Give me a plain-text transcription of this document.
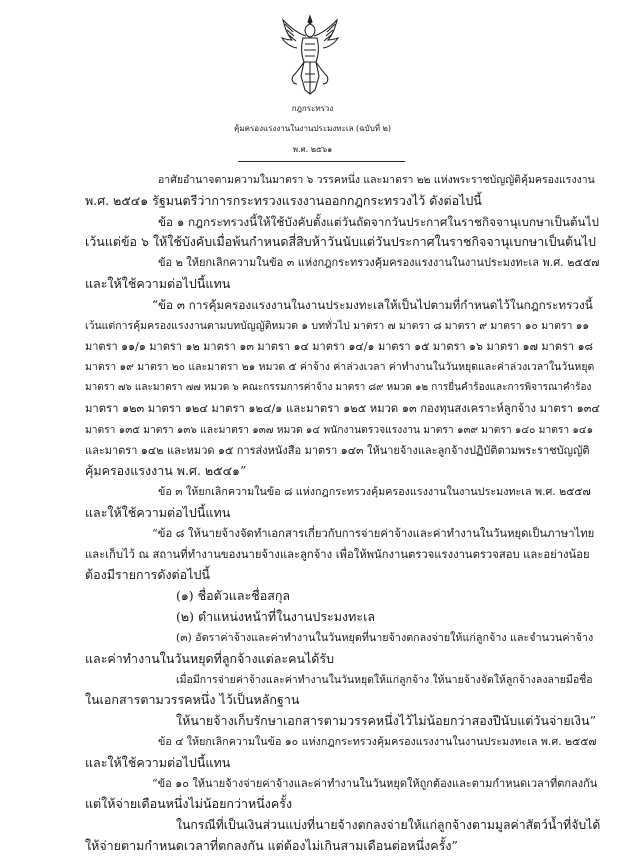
กฎกระทรวง
คุ้มครองแรงงานในงานประมงทะเล (ฉบับที่ ๒)
พ.ศ. ๒๕๖๑
อาศัยอำนาจตามความในมาตรา ๖ วรรคหนึ่ง และมาตรา ๒๒ แห่งพระราชบัญญัติคุ้มครองแรงงาน
พ.ศ. ๒๕๔๑ รัฐมนตรีว่าการกระทรวงแรงงานออกกฎกระทรวงไว้ ดังต่อไปนี้
ข้อ ๑ กฎกระทรวงนี้ให้ใช้บังคับตั้งแต่วันถัดจากวันประกาศในราชกิจจานุเบกษาเป็นต้นไป
เว้นแต่ข้อ ๖ ให้ใช้บังคับเมื่อพ้นกำหนดสี่สิบห้าวันนับแต่วันประกาศในราชกิจจานุเบกษาเป็นต้นไป
ข้อ ๒ ให้ยกเลิกความในข้อ ๓ แห่งกฎกระทรวงคุ้มครองแรงงานในงานประมงทะเล พ.ศ. ๒๕๕๗
และให้ใช้ความต่อไปนี้แทน
“ข้อ ๓ การคุ้มครองแรงงานในงานประมงทะเลให้เป็นไปตามที่กำหนดไว้ในกฎกระทรวงนี้
เว้นแต่การคุ้มครองแรงงานตามบทบัญญัติหมวด ๑ บททั่วไป มาตรา ๗ มาตรา ๘ มาตรา ๙ มาตรา ๑๐ มาตรา ๑๑
มาตรา ๑๑/๑ มาตรา ๑๒ มาตรา ๑๓ มาตรา ๑๔ มาตรา ๑๔/๑ มาตรา ๑๕ มาตรา ๑๖ มาตรา ๑๗ มาตรา ๑๘
มาตรา ๑๙ มาตรา ๒๐ และมาตรา ๒๑ หมวด ๕ ค่าจ้าง ค่าล่วงเวลา ค่าทำงานในวันหยุดและค่าล่วงเวลาในวันหยุด
มาตรา ๗๖ และมาตรา ๗๗ หมวด ๖ คณะกรรมการค่าจ้าง มาตรา ๘๙ หมวด ๑๒ การยื่นคำร้องและการพิจารณาคำร้อง
มาตรา ๑๒๓ มาตรา ๑๒๔ มาตรา ๑๒๔/๑ และมาตรา ๑๒๕ หมวด ๑๓ กองทุนสงเคราะห์ลูกจ้าง มาตรา ๑๓๔
มาตรา ๑๓๕ มาตรา ๑๓๖ และมาตรา ๑๓๗ หมวด ๑๔ พนักงานตรวจแรงงาน มาตรา ๑๓๙ มาตรา ๑๔๐ มาตรา ๑๔๑
และมาตรา ๑๔๒ และหมวด ๑๕ การส่งหนังสือ มาตรา ๑๔๓ ให้นายจ้างและลูกจ้างปฏิบัติตามพระราชบัญญัติ
คุ้มครองแรงงาน พ.ศ. ๒๕๔๑”
ข้อ ๓ ให้ยกเลิกความในข้อ ๘ แห่งกฎกระทรวงคุ้มครองแรงงานในงานประมงทะเล พ.ศ. ๒๕๕๗
และให้ใช้ความต่อไปนี้แทน
“ข้อ ๘ ให้นายจ้างจัดทำเอกสารเกี่ยวกับการจ่ายค่าจ้างและค่าทำงานในวันหยุดเป็นภาษาไทย
และเก็บไว้ ณ สถานที่ทำงานของนายจ้างและลูกจ้าง เพื่อให้พนักงานตรวจแรงงานตรวจสอบ และอย่างน้อย
ต้องมีรายการดังต่อไปนี้
(๑) ชื่อตัวและชื่อสกุล
(๒) ตำแหน่งหน้าที่ในงานประมงทะเล
(๓) อัตราค่าจ้างและค่าทำงานในวันหยุดที่นายจ้างตกลงจ่ายให้แก่ลูกจ้าง และจำนวนค่าจ้าง
และค่าทำงานในวันหยุดที่ลูกจ้างแต่ละคนได้รับ
เมื่อมีการจ่ายค่าจ้างและค่าทำงานในวันหยุดให้แก่ลูกจ้าง ให้นายจ้างจัดให้ลูกจ้างลงลายมือชื่อ
ในเอกสารตามวรรคหนึ่ง ไว้เป็นหลักฐาน
ให้นายจ้างเก็บรักษาเอกสารตามวรรคหนึ่งไว้ไม่น้อยกว่าสองปีนับแต่วันจ่ายเงิน”
ข้อ ๔ ให้ยกเลิกความในข้อ ๑๐ แห่งกฎกระทรวงคุ้มครองแรงงานในงานประมงทะเล พ.ศ. ๒๕๕๗
และให้ใช้ความต่อไปนี้แทน
“ข้อ ๑๐ ให้นายจ้างจ่ายค่าจ้างและค่าทำงานในวันหยุดให้ถูกต้องและตามกำหนดเวลาที่ตกลงกัน
แต่ให้จ่ายเดือนหนึ่งไม่น้อยกว่าหนึ่งครั้ง
ในกรณีที่เป็นเงินส่วนแบ่งที่นายจ้างตกลงจ่ายให้แก่ลูกจ้างตามมูลค่าสัตว์น้ำที่จับได้
ให้จ่ายตามกำหนดเวลาที่ตกลงกัน แต่ต้องไม่เกินสามเดือนต่อหนึ่งครั้ง”
